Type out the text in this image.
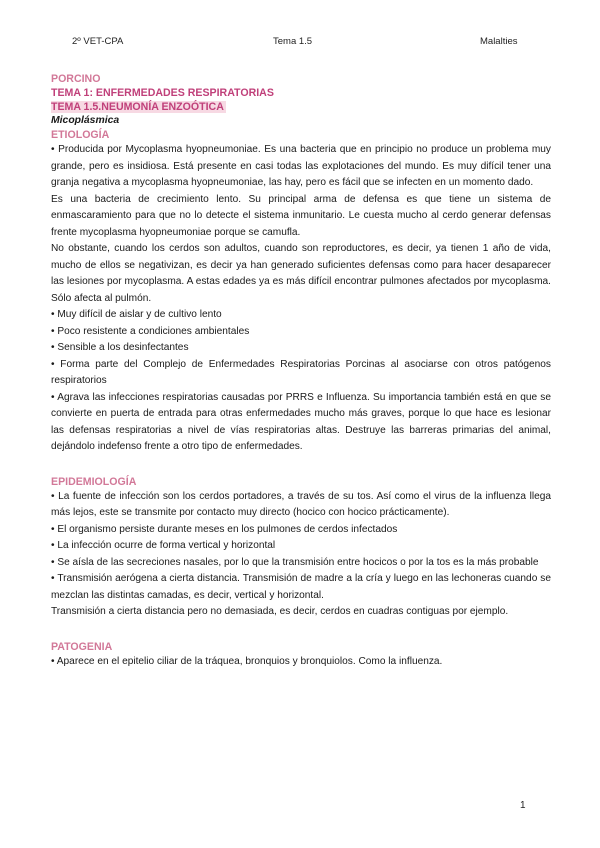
2º VET-CPA	Tema 1.5	Malalties
PORCINO
TEMA 1: ENFERMEDADES RESPIRATORIAS
TEMA 1.5.NEUMONÍA ENZOÓTICA
Micoplásmica
ETIOLOGÍA

• Producida por Mycoplasma hyopneumoniae. Es una bacteria que en principio no produce un problema muy grande, pero es insidiosa. Está presente en casi todas las explotaciones del mundo. Es muy difícil tener una granja negativa a mycoplasma hyopneumoniae, las hay, pero es fácil que se infecten en un momento dado.

Es una bacteria de crecimiento lento. Su principal arma de defensa es que tiene un sistema de enmascaramiento para que no lo detecte el sistema inmunitario. Le cuesta mucho al cerdo generar defensas frente mycoplasma hyopneumoniae porque se camufla.

No obstante, cuando los cerdos son adultos, cuando son reproductores, es decir, ya tienen 1 año de vida, mucho de ellos se negativizan, es decir ya han generado suficientes defensas como para hacer desaparecer las lesiones por mycoplasma. A estas edades ya es más difícil encontrar pulmones afectados por mycoplasma. Sólo afecta al pulmón.

• Muy difícil de aislar y de cultivo lento

• Poco resistente a condiciones ambientales

• Sensible a los desinfectantes

• Forma parte del Complejo de Enfermedades Respiratorias Porcinas al asociarse con otros patógenos respiratorios

• Agrava las infecciones respiratorias causadas por PRRS e Influenza. Su importancia también está en que se convierte en puerta de entrada para otras enfermedades mucho más graves, porque lo que hace es lesionar las defensas respiratorias a nivel de vías respiratorias altas. Destruye las barreras primarias del animal, dejándolo indefenso frente a otro tipo de enfermedades.

EPIDEMIOLOGÍA

• La fuente de infección son los cerdos portadores, a través de su tos. Así como el virus de la influenza llega más lejos, este se transmite por contacto muy directo (hocico con hocico prácticamente).

• El organismo persiste durante meses en los pulmones de cerdos infectados

• La infección ocurre de forma vertical y horizontal

• Se aísla de las secreciones nasales, por lo que la transmisión entre hocicos o por la tos es la más probable

• Transmisión aerógena a cierta distancia. Transmisión de madre a la cría y luego en las lechoneras cuando se mezclan las distintas camadas, es decir, vertical y horizontal.

Transmisión a cierta distancia pero no demasiada, es decir, cerdos en cuadras contiguas por ejemplo.

PATOGENIA

• Aparece en el epitelio ciliar de la tráquea, bronquios y bronquiolos. Como la influenza.

1
